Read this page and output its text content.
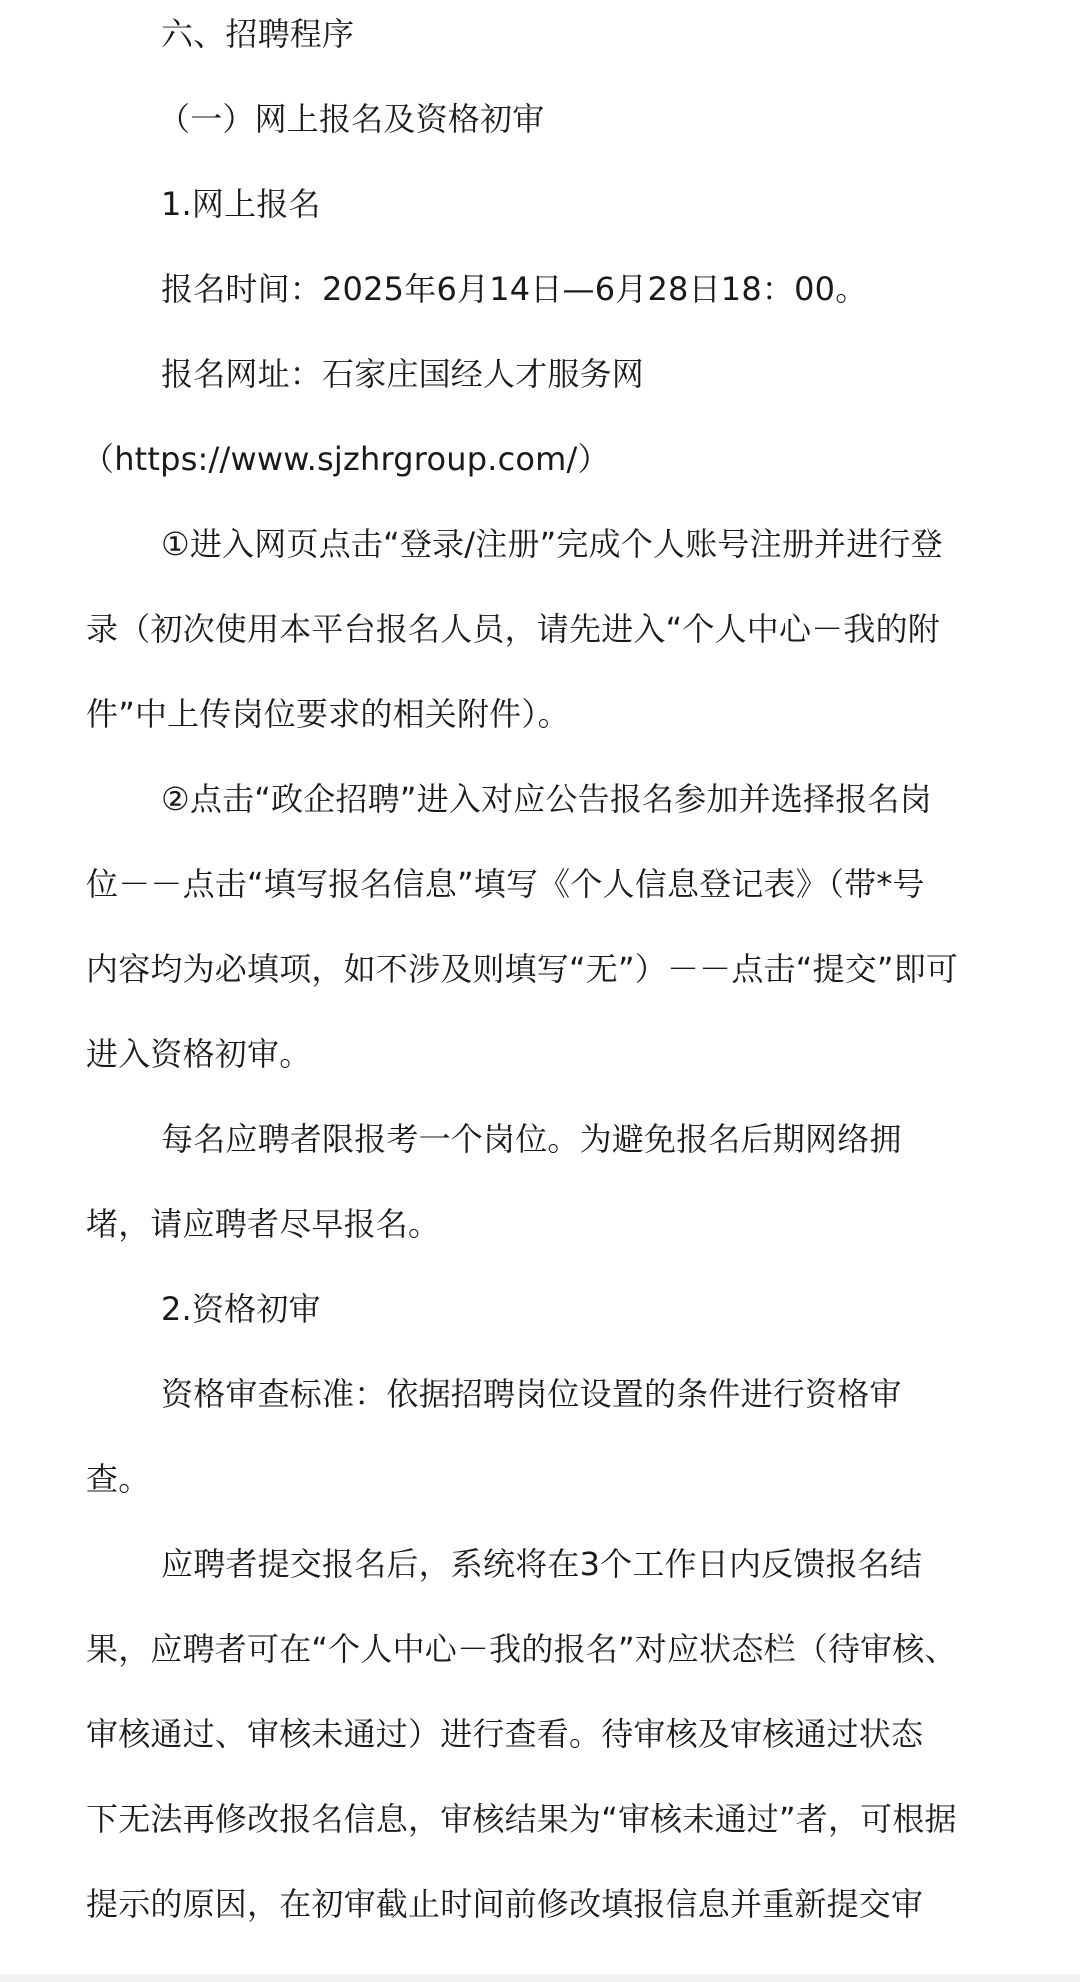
六、招聘程序
（一）网上报名及资格初审
1.网上报名
报名时间：2025年6月14日—6月28日18：00。
报名网址：石家庄国经人才服务网
（https://www.sjzhrgroup.com/）
①进入网页点击“登录/注册”完成个人账号注册并进行登
录（初次使用本平台报名人员，请先进入“个人中心－我的附
件”中上传岗位要求的相关附件）。
②点击“政企招聘”进入对应公告报名参加并选择报名岗
位－－点击“填写报名信息”填写《个人信息登记表》（带*号
内容均为必填项，如不涉及则填写“无”）－－点击“提交”即可
进入资格初审。
每名应聘者限报考一个岗位。为避免报名后期网络拥
堵，请应聘者尽早报名。
2.资格初审
资格审查标准：依据招聘岗位设置的条件进行资格审
查。
应聘者提交报名后，系统将在3个工作日内反馈报名结
果，应聘者可在“个人中心－我的报名”对应状态栏（待审核、
审核通过、审核未通过）进行查看。待审核及审核通过状态
下无法再修改报名信息，审核结果为“审核未通过”者，可根据
提示的原因，在初审截止时间前修改填报信息并重新提交审
